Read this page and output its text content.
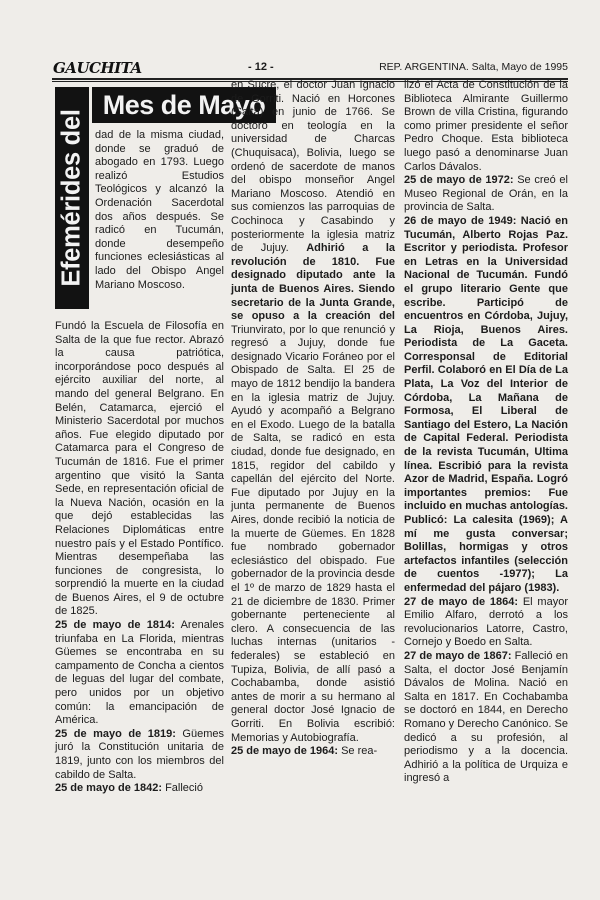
GAUCHITA	- 12 -	REP. ARGENTINA. Salta, Mayo de 1995
Efemérides del
Mes de Mayo

dad de la misma ciudad, donde se graduó de abogado en 1793. Luego realizó Estudios Teológicos y alcanzó la Ordenación Sacerdotal dos años después. Se radicó en Tucumán, donde desempeño funciones eclesiásticas al lado del Obispo Angel Mariano Moscoso.

Fundó la Escuela de Filosofía en Salta de la que fue rector. Abrazó la causa patriótica, incorporándose poco después al ejército auxiliar del norte, al mando del general Belgrano. En Belén, Catamarca, ejerció el Ministerio Sacerdotal por muchos años. Fue elegido diputado por Catamarca para el Congreso de Tucumán de 1816. Fue el primer argentino que visitó la Santa Sede, en representación oficial de la Nueva Nación, ocasión en la que dejó establecidas las Relaciones Diplomáticas entre nuestro país y el Estado Pontífico. Mientras desempeñaba las funciones de congresista, lo sorprendió la muerte en la ciudad de Buenos Aires, el 9 de octubre de 1825.

25 de mayo de 1814: Arenales triunfaba en La Florida, mientras Güemes se encontraba en su campamento de Concha a cientos de leguas del lugar del combate, pero unidos por un objetivo común: la emancipación de América.

25 de mayo de 1819: Güemes juró la Constitución unitaria de 1819, junto con los miembros del cabildo de Salta.

25 de mayo de 1842: Falleció

en Sucre, el doctor Juan Ignacio de Gorriti. Nació en Horcones (Salta) en junio de 1766. Se doctoró en teología en la universidad de Charcas (Chuquisaca), Bolivia, luego se ordenó de sacerdote de manos del obispo monseñor Angel Mariano Moscoso. Atendió en sus comienzos las parroquias de Cochinoca y Casabindo y posteriormente la iglesia matriz de Jujuy. Adhirió a la revolución de 1810. Fue designado diputado ante la junta de Buenos Aires. Siendo secretario de la Junta Grande, se opuso a la creación del Triunvirato, por lo que renunció y regresó a Jujuy, donde fue designado Vicario Foráneo por el Obispado de Salta. El 25 de mayo de 1812 bendijo la bandera en la iglesia matriz de Jujuy. Ayudó y acompañó a Belgrano en el Exodo. Luego de la batalla de Salta, se radicó en esta ciudad, donde fue designado, en 1815, regidor del cabildo y capellán del ejército del Norte. Fue diputado por Jujuy en la junta permanente de Buenos Aires, donde recibió la noticia de la muerte de Güemes. En 1828 fue nombrado gobernador eclesiástico del obispado. Fue gobernador de la provincia desde el 1º de marzo de 1829 hasta el 21 de diciembre de 1830. Primer gobernante perteneciente al clero. A consecuencia de las luchas internas (unitarios -federales) se estableció en Tupiza, Bolivia, de allí pasó a Cochabamba, donde asistió antes de morir a su hermano al general doctor José Ignacio de Gorriti. En Bolivia escribió: Memorias y Autobiografía.

25 de mayo de 1964: Se rea-

lizó el Acta de Constitución de la Biblioteca Almirante Guillermo Brown de villa Cristina, figurando como primer presidente el señor Pedro Choque. Esta biblioteca luego pasó a denominarse Juan Carlos Dávalos.

25 de mayo de 1972: Se creó el Museo Regional de Orán, en la provincia de Salta.

26 de mayo de 1949: Nació en Tucumán, Alberto Rojas Paz. Escritor y periodista. Profesor en Letras en la Universidad Nacional de Tucumán. Fundó el grupo literario Gente que escribe. Participó de encuentros en Córdoba, Jujuy, La Rioja, Buenos Aires. Periodista de La Gaceta. Corresponsal de Editorial Perfil. Colaboró en El Día de La Plata, La Voz del Interior de Córdoba, La Mañana de Formosa, El Liberal de Santiago del Estero, La Nación de Capital Federal. Periodista de la revista Tucumán, Ultima línea. Escribió para la revista Azor de Madrid, España. Logró importantes premios: Fue incluido en muchas antologías. Publicó: La calesita (1969); A mí me gusta conversar; Bolillas, hormigas y otros artefactos infantiles (selección de cuentos -1977); La enfermedad del pájaro (1983).

27 de mayo de 1864: El mayor Emilio Alfaro, derrotó a los revolucionarios Latorre, Castro, Cornejo y Boedo en Salta.

27 de mayo de 1867: Falleció en Salta, el doctor José Benjamín Dávalos de Molina. Nació en Salta en 1817. En Cochabamba se doctoró en 1844, en Derecho Romano y Derecho Canónico. Se dedicó a su profesión, al periodismo y a la docencia. Adhirió a la política de Urquiza e ingresó a
